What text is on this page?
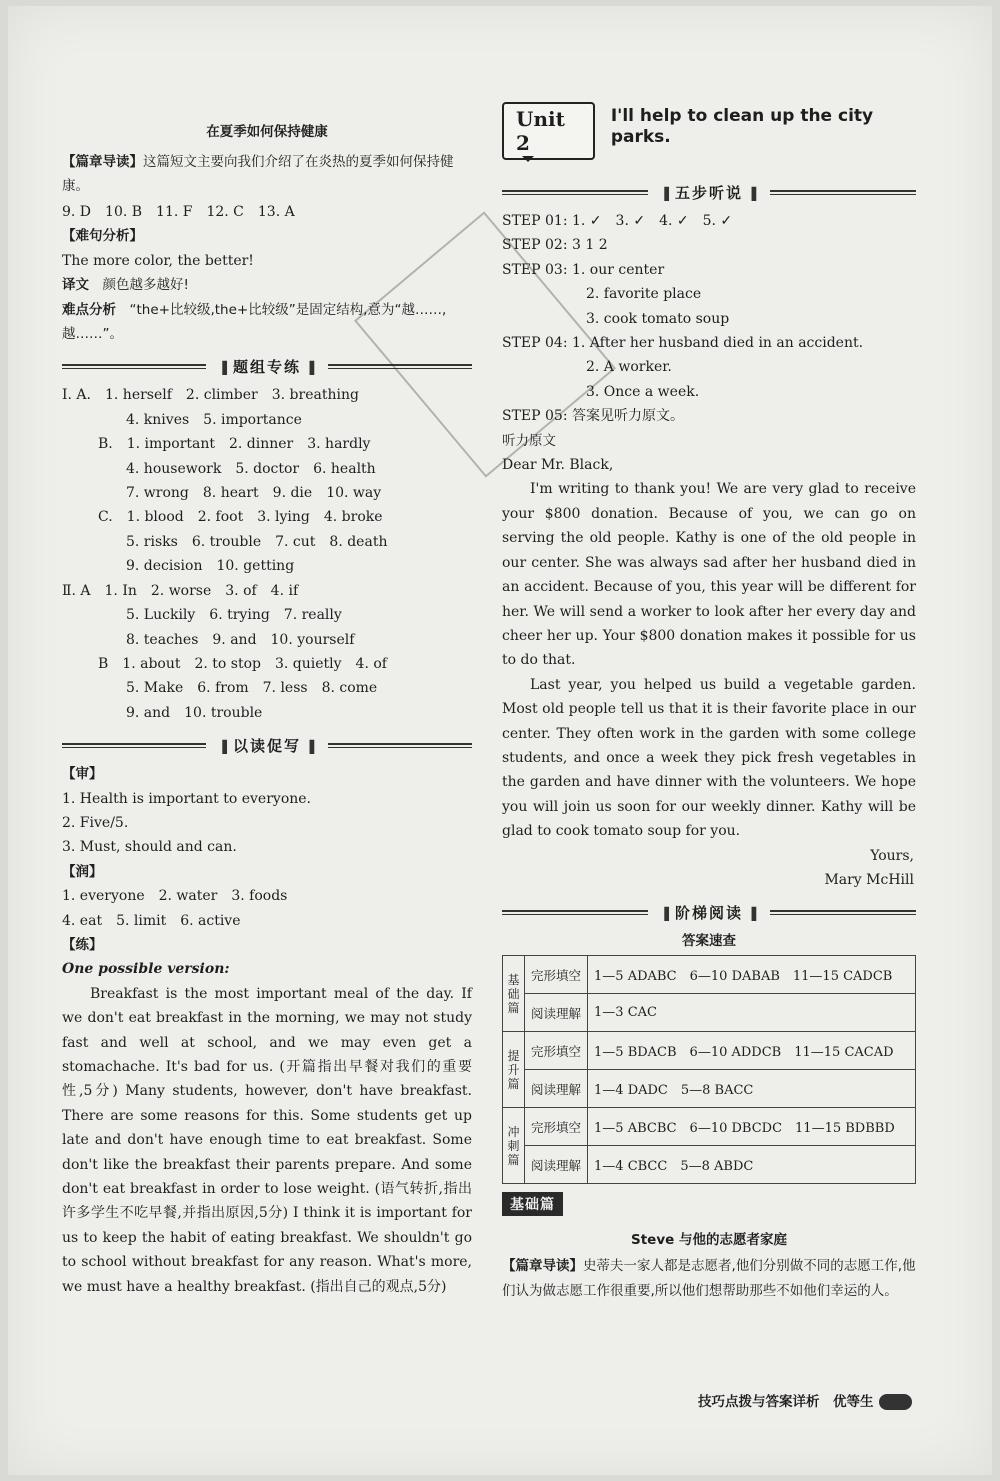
在夏季如何保持健康
【篇章导读】这篇短文主要向我们介绍了在炎热的夏季如何保持健康。
9. D　10. B　11. F　12. C　13. A
【难句分析】
The more color, the better!
译文　 颜色越多越好!
难点分析　 “the+比较级,the+比较级”是固定结构,意为“越……,越……”。
▐ 题组专练 ▐
Ⅰ. A.　1. herself　2. climber　3. breathing
4. knives　5. importance
B.　1. important　2. dinner　3. hardly
4. housework　5. doctor　6. health
7. wrong　8. heart　9. die　10. way
C.　1. blood　2. foot　3. lying　4. broke
5. risks　6. trouble　7. cut　8. death
9. decision　10. getting
Ⅱ. A　1. In　2. worse　3. of　4. if
5. Luckily　6. trying　7. really
8. teaches　9. and　10. yourself
B　1. about　2. to stop　3. quietly　4. of
5. Make　6. from　7. less　8. come
9. and　10. trouble
▐ 以读促写 ▐
【审】
1. Health is important to everyone.
2. Five/5.
3. Must, should and can.
【润】
1. everyone　2. water　3. foods
4. eat　5. limit　6. active
【练】
One possible version:
Breakfast is the most important meal of the day. If we don't eat breakfast in the morning, we may not study fast and well at school, and we may even get a stomachache. It's bad for us. (开篇指出早餐对我们的重要性,5分) Many students, however, don't have breakfast. There are some reasons for this. Some students get up late and don't have enough time to eat breakfast. Some don't like the breakfast their parents prepare. And some don't eat breakfast in order to lose weight. (语气转折,指出许多学生不吃早餐,并指出原因,5分) I think it is important for us to keep the habit of eating breakfast. We shouldn't go to school without breakfast for any reason. What's more, we must have a healthy breakfast. (指出自己的观点,5分)
Unit 2
I'll help to clean up the city parks.
▐ 五步听说 ▐
STEP 01: 1. ✓　3. ✓　4. ✓　5. ✓
STEP 02: 3 1 2
STEP 03: 1. our center
2. favorite place
3. cook tomato soup
STEP 04: 1. After her husband died in an accident.
2. A worker.
3. Once a week.
STEP 05: 答案见听力原文。
听力原文
Dear Mr. Black,
I'm writing to thank you! We are very glad to receive your $800 donation. Because of you, we can go on serving the old people. Kathy is one of the old people in our center. She was always sad after her husband died in an accident. Because of you, this year will be different for her. We will send a worker to look after her every day and cheer her up. Your $800 donation makes it possible for us to do that.
Last year, you helped us build a vegetable garden. Most old people tell us that it is their favorite place in our center. They often work in the garden with some college students, and once a week they pick fresh vegetables in the garden and have dinner with the volunteers. We hope you will join us soon for our weekly dinner. Kathy will be glad to cook tomato soup for you.
Yours,
Mary McHill
▐ 阶梯阅读 ▐
答案速查
基础篇	完形填空	1—5 ADABC　6—10 DABAB　11—15 CADCB
	阅读理解	1—3 CAC
提升篇	完形填空	1—5 BDACB　6—10 ADDCB　11—15 CACAD
	阅读理解	1—4 DADC　5—8 BACC
冲刺篇	完形填空	1—5 ABCBC　6—10 DBCDC　11—15 BDBBD
	阅读理解	1—4 CBCC　5—8 ABDC
基础篇
Steve 与他的志愿者家庭
【篇章导读】史蒂夫一家人都是志愿者,他们分别做不同的志愿工作,他们认为做志愿工作很重要,所以他们想帮助那些不如他们幸运的人。
技巧点拨与答案详析　优等生
